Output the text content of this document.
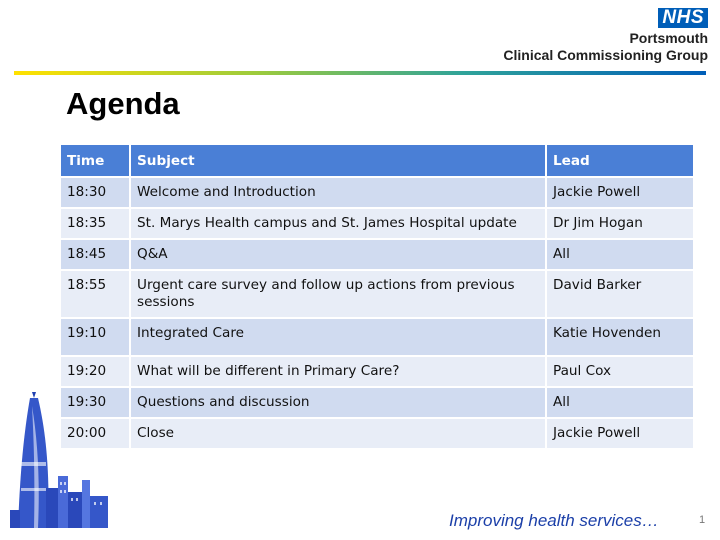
NHS
Portsmouth
Clinical Commissioning Group
Agenda
Time	Subject	Lead
18:30	Welcome and Introduction	Jackie Powell
18:35	St. Marys Health campus and St. James Hospital update	Dr Jim Hogan
18:45	Q&A	All
18:55	Urgent care survey and follow up actions from previous sessions	David Barker
19:10	Integrated Care	Katie Hovenden
19:20	What will be different in Primary Care?	Paul Cox
19:30	Questions and discussion	All
20:00	Close	Jackie Powell
Improving health services…	1
